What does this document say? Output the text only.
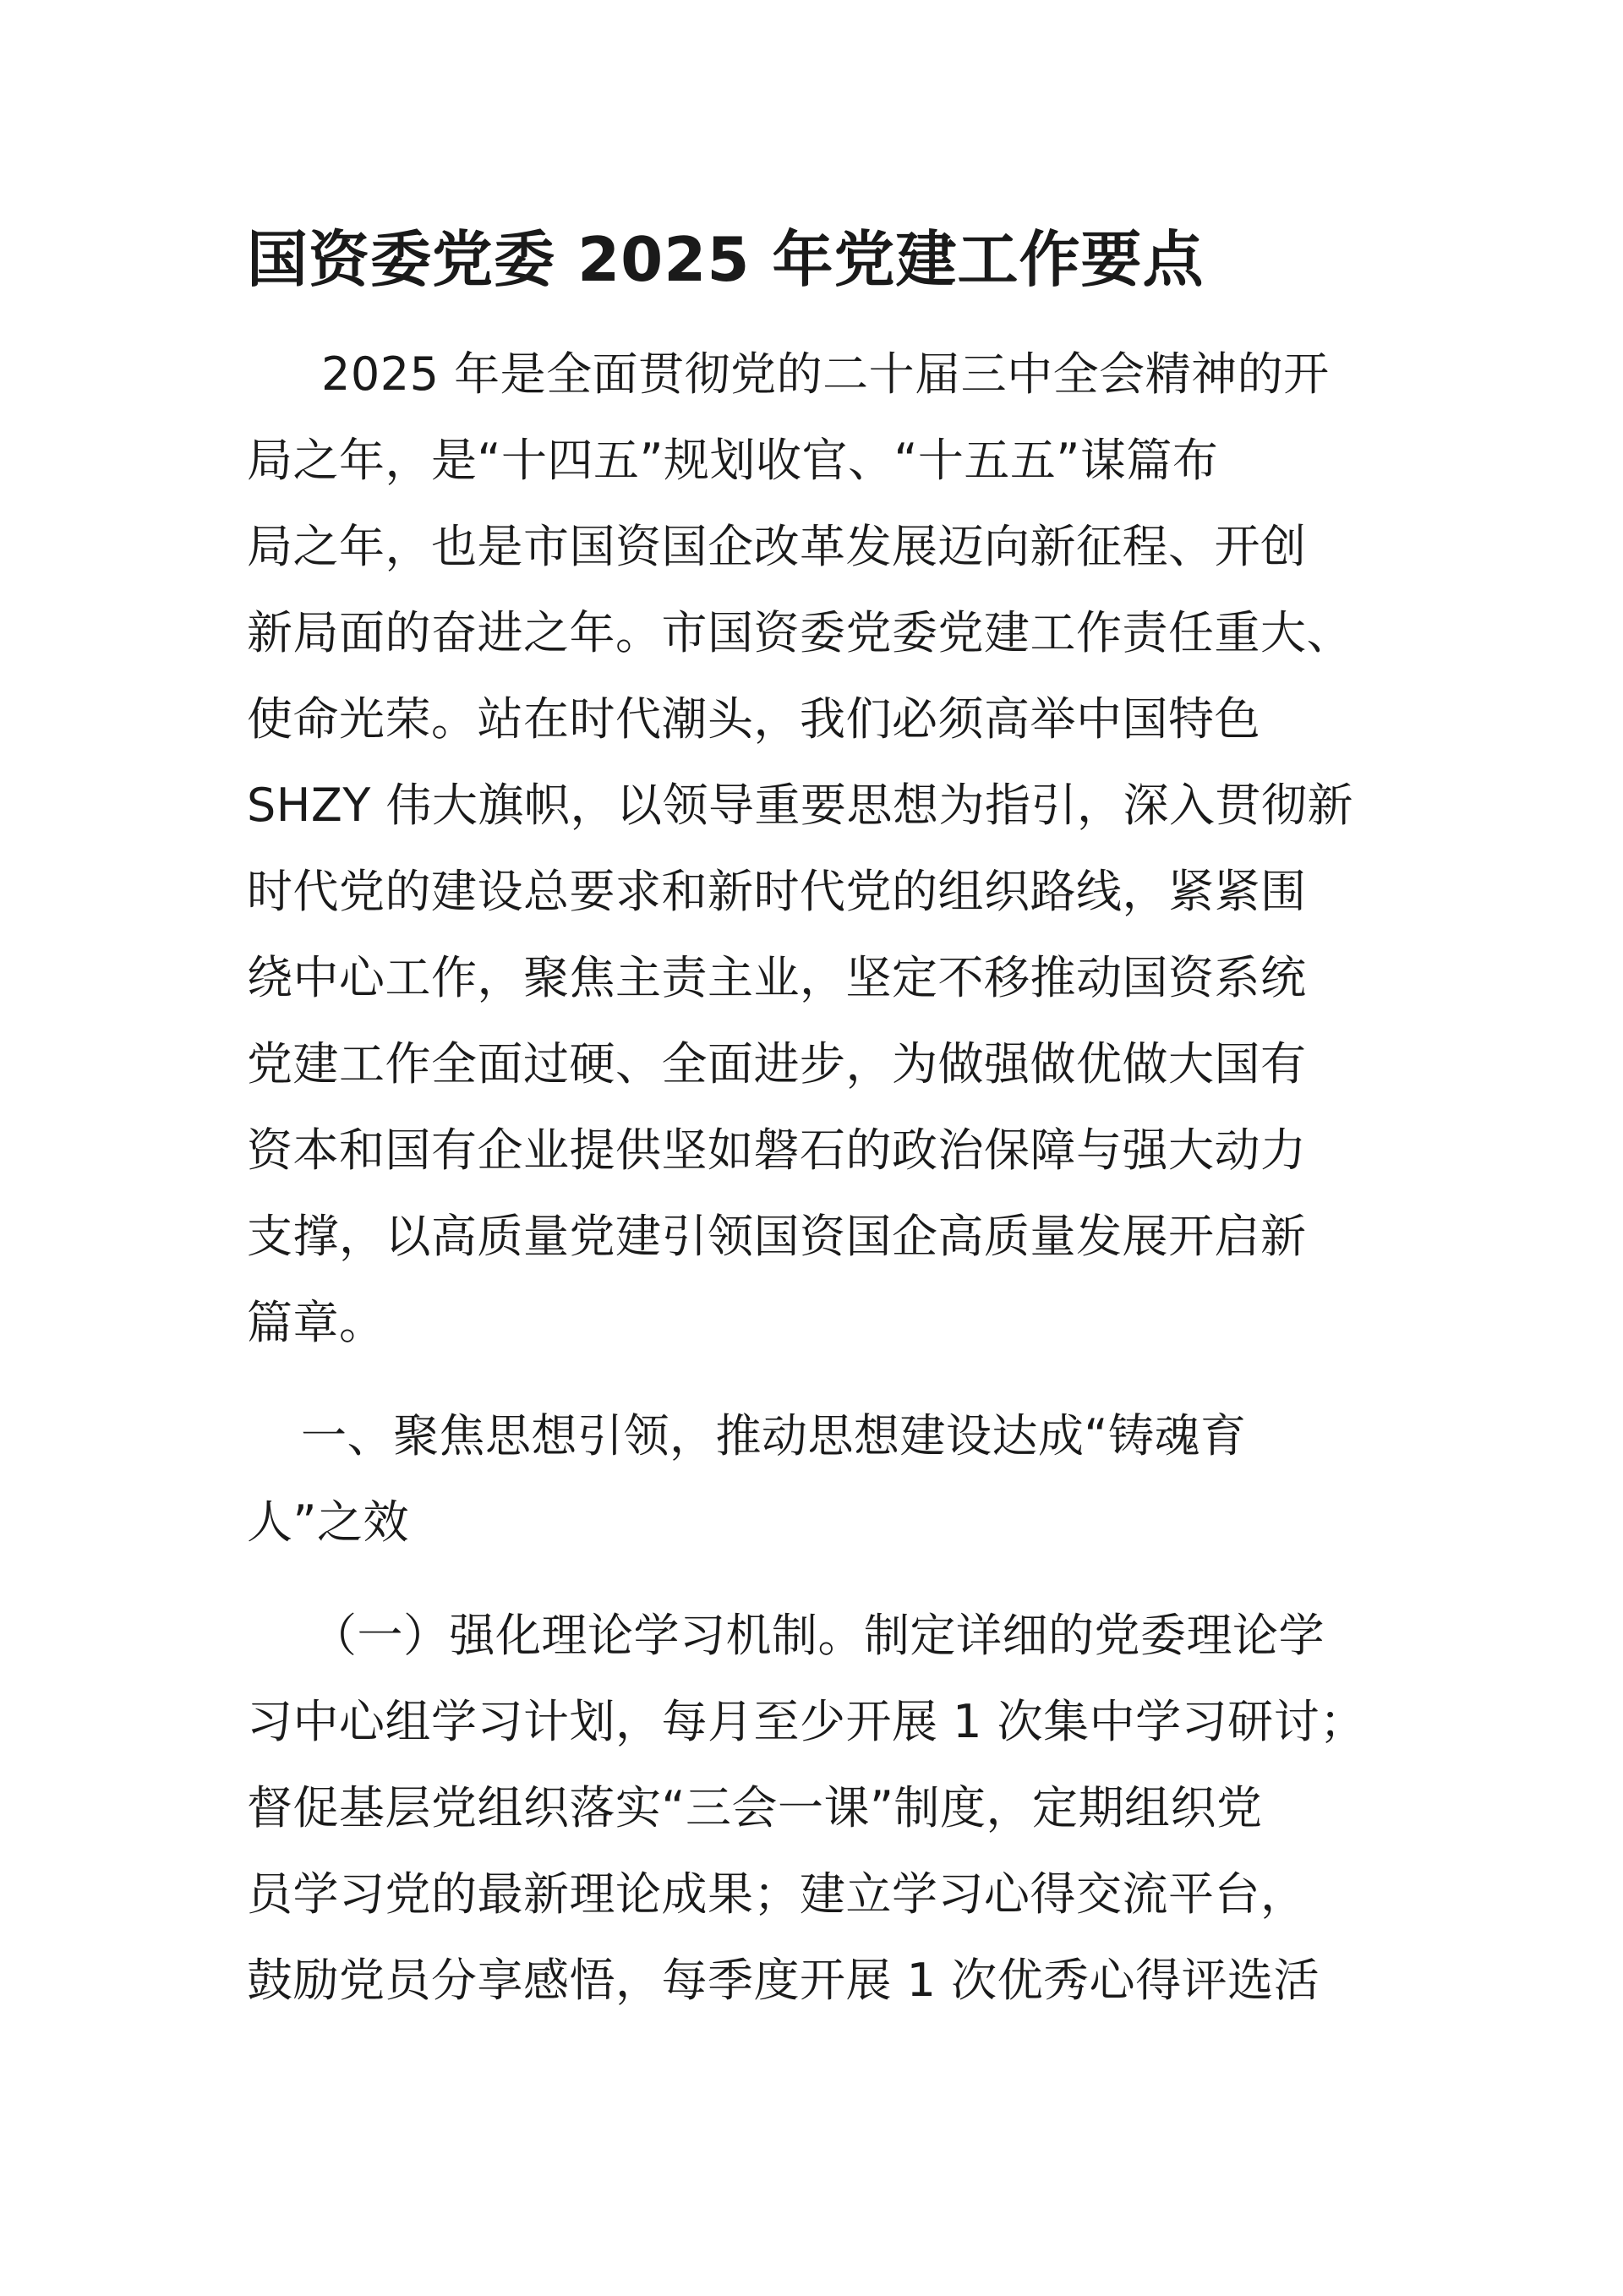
国资委党委 2025 年党建工作要点

2025 年是全面贯彻党的二十届三中全会精神的开

局之年，是“十四五”规划收官、“十五五”谋篇布

局之年，也是市国资国企改革发展迈向新征程、开创

新局面的奋进之年。市国资委党委党建工作责任重大、

使命光荣。站在时代潮头，我们必须高举中国特色

SHZY 伟大旗帜，以领导重要思想为指引，深入贯彻新

时代党的建设总要求和新时代党的组织路线，紧紧围

绕中心工作，聚焦主责主业，坚定不移推动国资系统

党建工作全面过硬、全面进步，为做强做优做大国有

资本和国有企业提供坚如磐石的政治保障与强大动力

支撑，以高质量党建引领国资国企高质量发展开启新

篇章。

一、聚焦思想引领，推动思想建设达成“铸魂育

人”之效

（一）强化理论学习机制。制定详细的党委理论学

习中心组学习计划，每月至少开展 1 次集中学习研讨；

督促基层党组织落实“三会一课”制度，定期组织党

员学习党的最新理论成果；建立学习心得交流平台，

鼓励党员分享感悟，每季度开展 1 次优秀心得评选活
